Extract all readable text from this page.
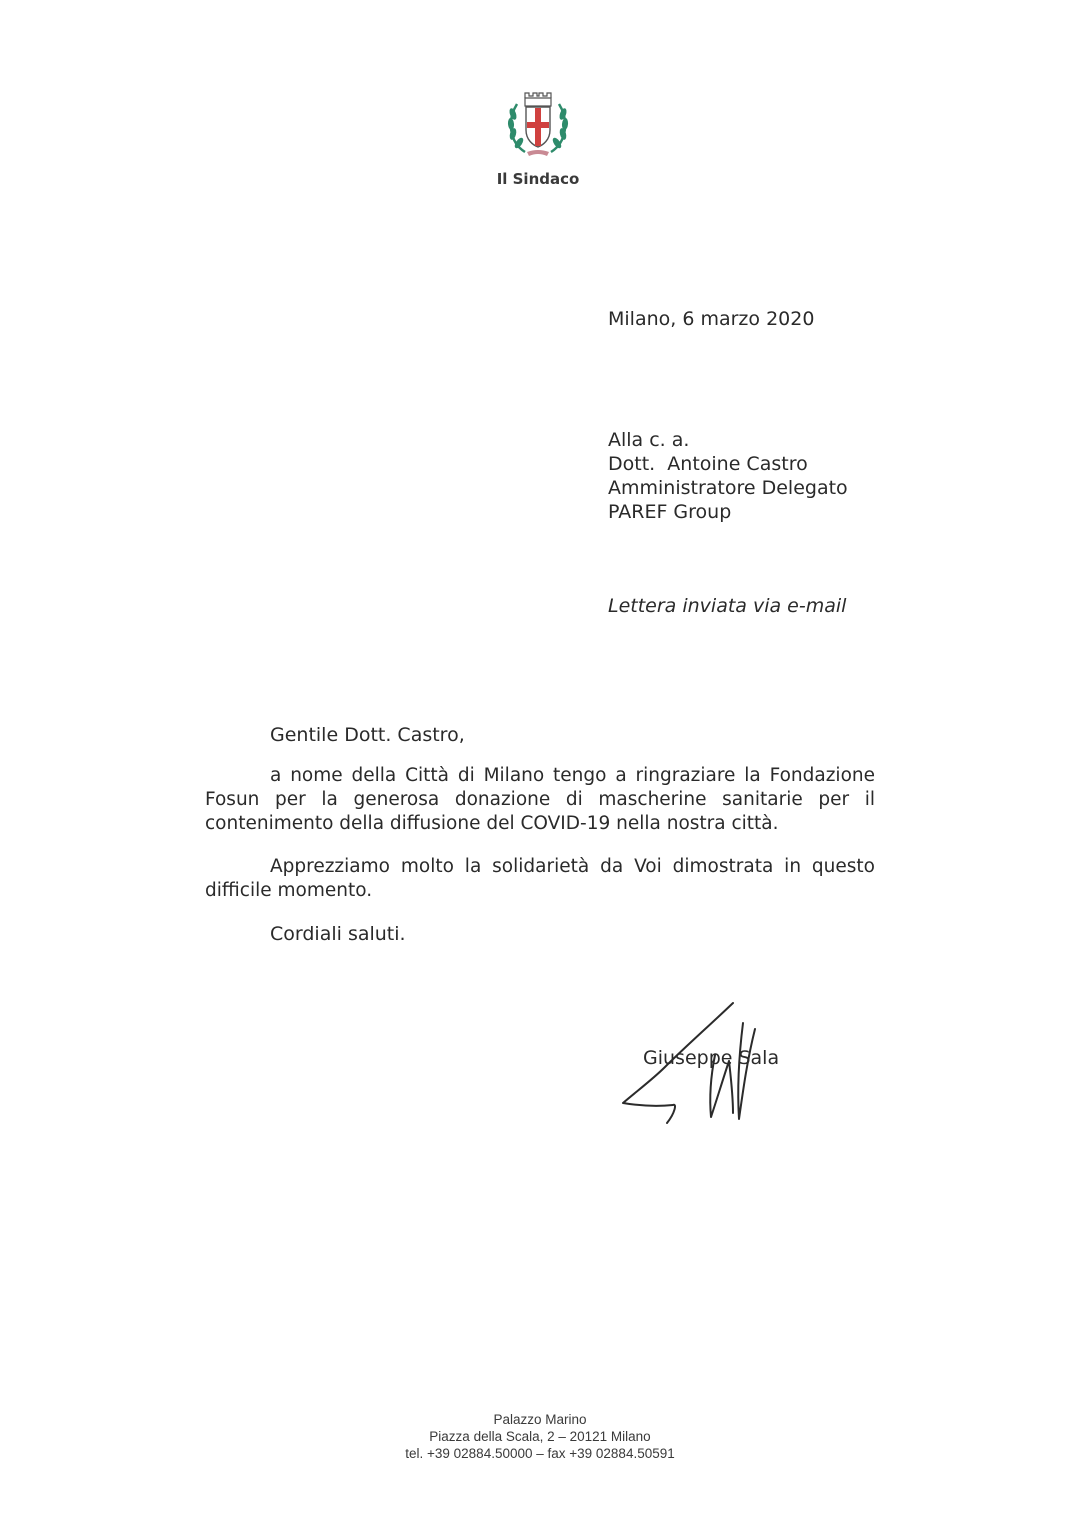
Il Sindaco
Milano, 6 marzo 2020
Alla c. a.
Dott.  Antoine Castro
Amministratore Delegato
PAREF Group
Lettera inviata via e-mail
Gentile Dott. Castro,

a nome della Città di Milano tengo a ringraziare la Fondazione Fosun per la generosa donazione di mascherine sanitarie per il contenimento della diffusione del COVID-19 nella nostra città.

Apprezziamo molto la solidarietà da Voi dimostrata in questo difficile momento.

Cordiali saluti.
Giuseppe Sala
Palazzo Marino
Piazza della Scala, 2 – 20121 Milano
tel. +39 02884.50000 – fax +39 02884.50591
